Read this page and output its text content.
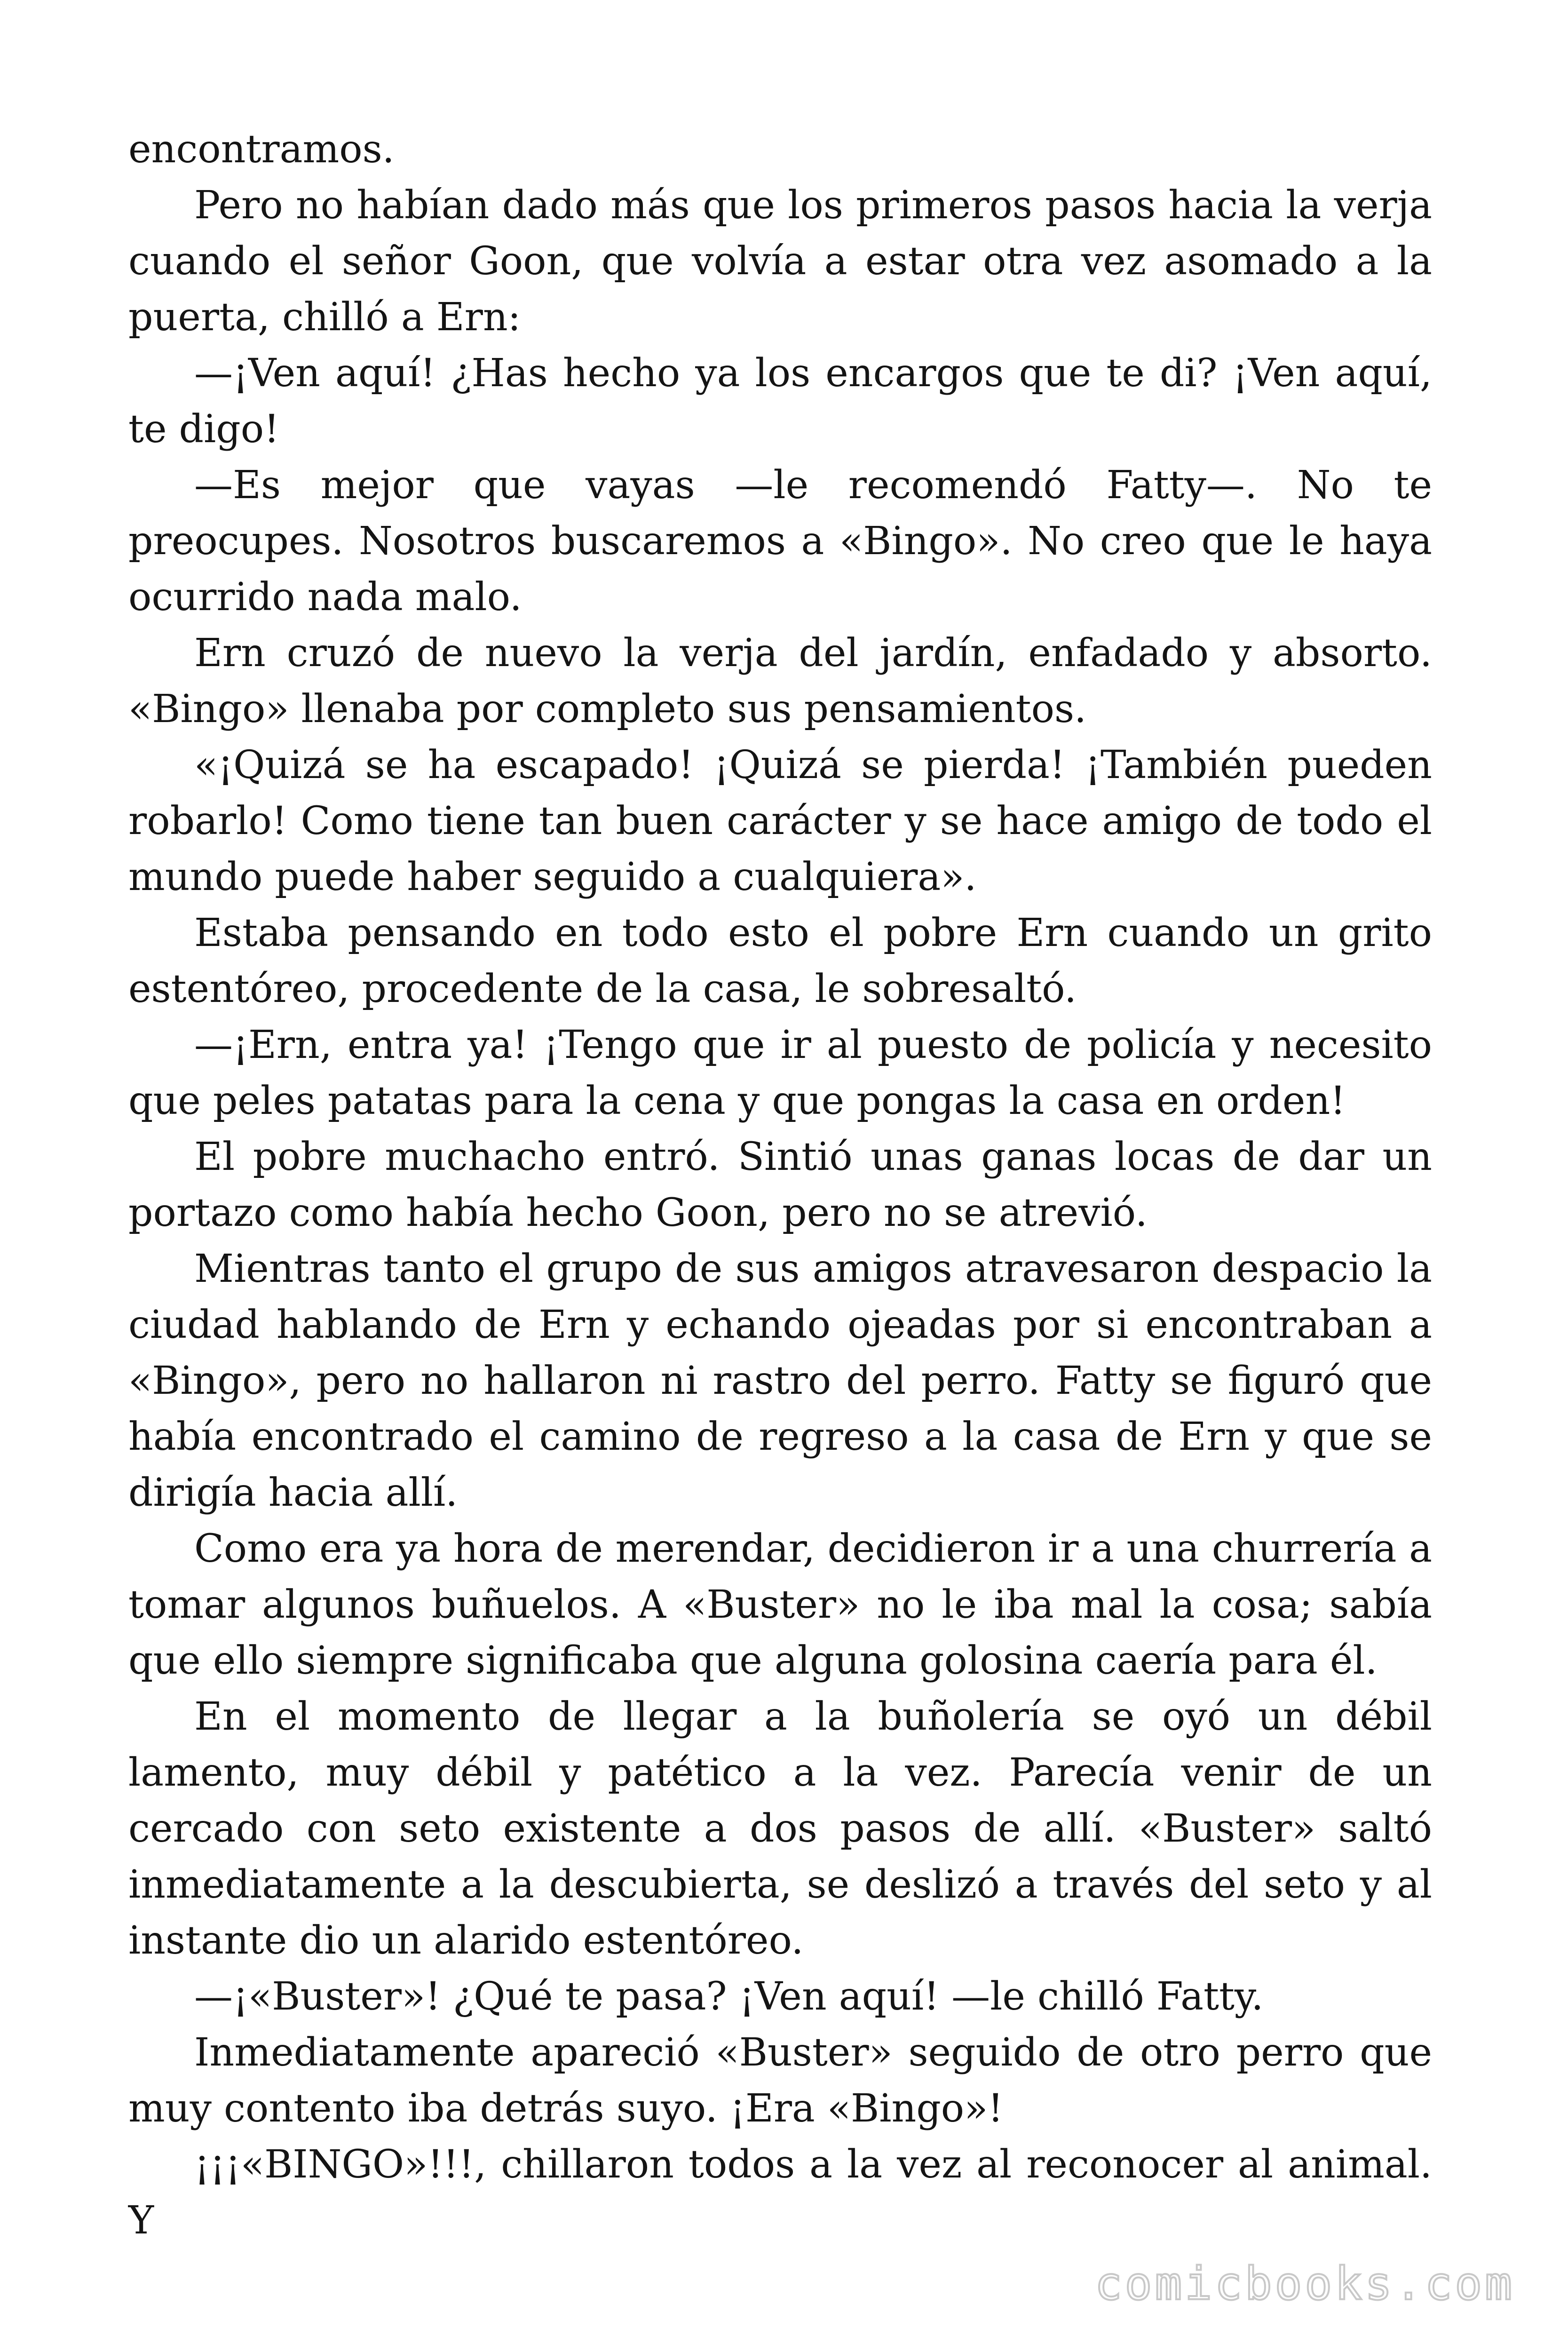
encontramos.

Pero no habían dado más que los primeros pasos hacia la verja cuando el señor Goon, que volvía a estar otra vez asomado a la puerta, chilló a Ern:

—¡Ven aquí! ¿Has hecho ya los encargos que te di? ¡Ven aquí, te digo!

—Es mejor que vayas —le recomendó Fatty—. No te preocupes. Nosotros buscaremos a «Bingo». No creo que le haya ocurrido nada malo.

Ern cruzó de nuevo la verja del jardín, enfadado y absorto. «Bingo» llenaba por completo sus pensamientos.

«¡Quizá se ha escapado! ¡Quizá se pierda! ¡También pueden robarlo! Como tiene tan buen carácter y se hace amigo de todo el mundo puede haber seguido a cualquiera».

Estaba pensando en todo esto el pobre Ern cuando un grito estentóreo, procedente de la casa, le sobresaltó.

—¡Ern, entra ya! ¡Tengo que ir al puesto de policía y necesito que peles patatas para la cena y que pongas la casa en orden!

El pobre muchacho entró. Sintió unas ganas locas de dar un portazo como había hecho Goon, pero no se atrevió.

Mientras tanto el grupo de sus amigos atravesaron despacio la ciudad hablando de Ern y echando ojeadas por si encontraban a «Bingo», pero no hallaron ni rastro del perro. Fatty se figuró que había encontrado el camino de regreso a la casa de Ern y que se dirigía hacia allí.

Como era ya hora de merendar, decidieron ir a una churrería a tomar algunos buñuelos. A «Buster» no le iba mal la cosa; sabía que ello siempre significaba que alguna golosina caería para él.

En el momento de llegar a la buñolería se oyó un débil lamento, muy débil y patético a la vez. Parecía venir de un cercado con seto existente a dos pasos de allí. «Buster» saltó inmediatamente a la descubierta, se deslizó a través del seto y al instante dio un alarido estentóreo.

—¡«Buster»! ¿Qué te pasa? ¡Ven aquí! —le chilló Fatty.

Inmediatamente apareció «Buster» seguido de otro perro que muy contento iba detrás suyo. ¡Era «Bingo»!

¡¡¡«BINGO»!!!, chillaron todos a la vez al reconocer al animal. Y

comicbooks.com
